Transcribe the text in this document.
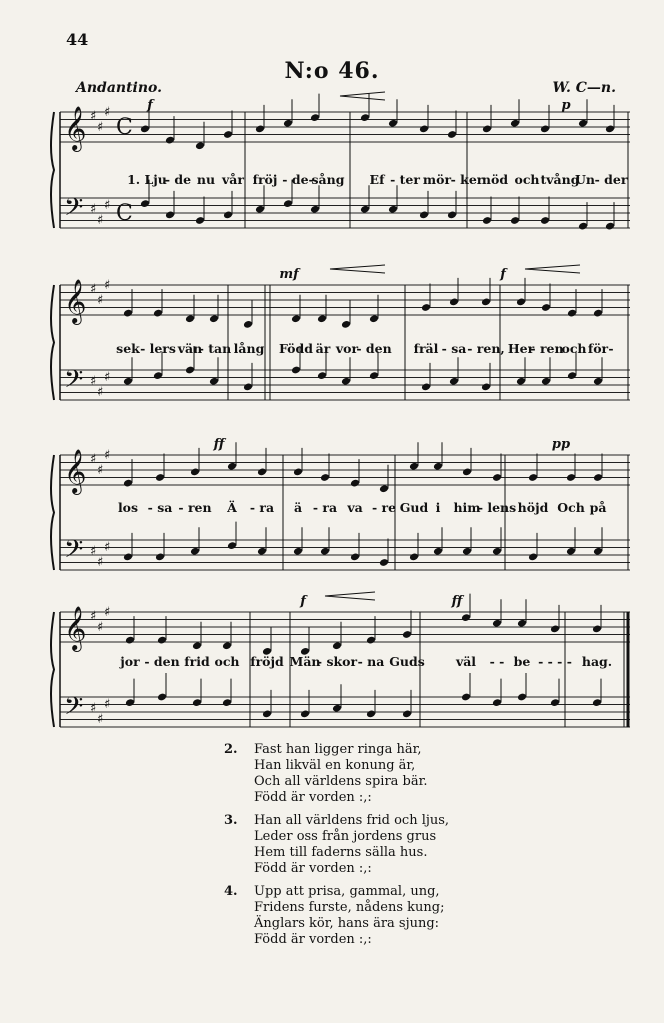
44
N:o 46.
Andantino.	W. C—n.
𝄞 ♯
♯
♯
C
𝄢 ♯
♯
♯ C
1. Lju
- de nu vår fröj - de-
sång Ef - ter mör - ker
nöd och tvång
Un - der
f	p
𝄞 ♯
♯
♯
𝄢 ♯
♯
♯
sek - lers vän
- tan lång Född är vor
- den fräl - sa - ren, Her
- ren
och för -
mf	f
𝄞 ♯
♯
♯
𝄢 ♯
♯
♯
los - sa - ren Ä - ra ä - ra va - re Gud i him
- lens höjd Och på
ff	pp
𝄞 ♯
♯
♯
𝄢 ♯
♯
♯
jor - den frid och fröjd Män
- skor - na Guds väl - - be - - - - hag.
f	ff
2. Fast han ligger ringa här,
Han likväl en konung är,
Och all världens spira bär.
Född är vorden :,:
3. Han all världens frid och ljus,
Leder oss från jordens grus
Hem till faderns sälla hus.
Född är vorden :,:
4. Upp att prisa, gammal, ung,
Fridens furste, nådens kung;
Änglars kör, hans ära sjung:
Född är vorden :,:
